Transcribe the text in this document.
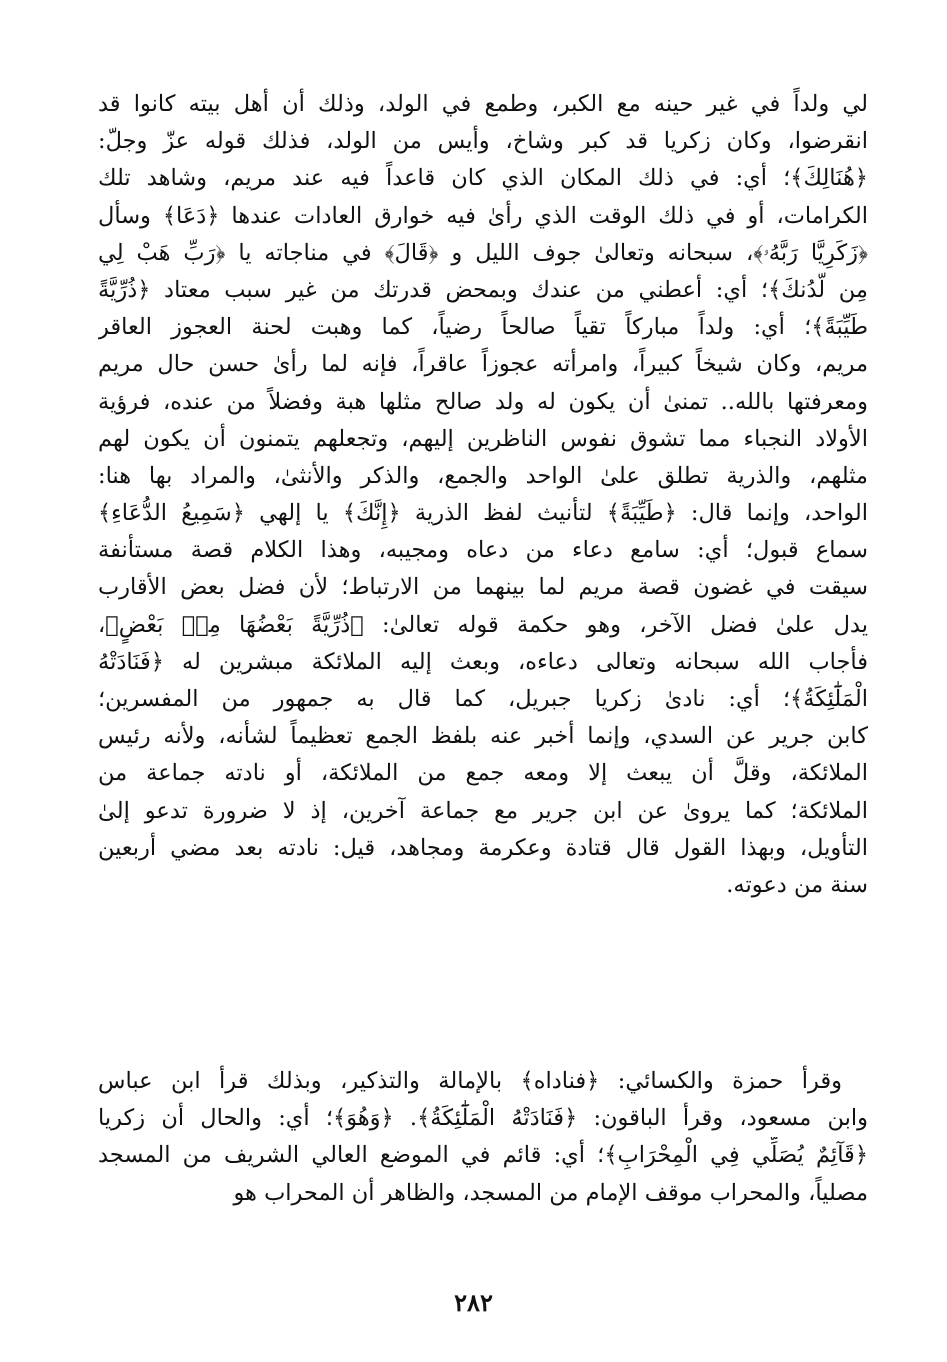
لي ولداً في غير حينه مع الكبر، وطمع في الولد، وذلك أن أهل بيته كانوا قد
انقرضوا، وكان زكريا قد كبر وشاخ، وأيس من الولد، فذلك قوله عزّ وجلّ:
﴿هُنَالِكَ﴾؛ أي: في ذلك المكان الذي كان قاعداً فيه عند مريم، وشاهد تلك
الكرامات، أو في ذلك الوقت الذي رأىٰ فيه خوارق العادات عندها ﴿دَعَا﴾ وسأل
﴿زَكَرِيَّا رَبَّهُۥ﴾، سبحانه وتعالىٰ جوف الليل و ﴿قَالَ﴾ في مناجاته يا ﴿رَبِّ هَبْ لِي
مِن لَّدُنكَ﴾؛ أي: أعطني من عندك وبمحض قدرتك من غير سبب معتاد ﴿ذُرِّيَّةً
طَيِّبَةً﴾؛ أي: ولداً مباركاً تقياً صالحاً رضياً، كما وهبت لحنة العجوز العاقر
مريم، وكان شيخاً كبيراً، وامرأته عجوزاً عاقراً، فإنه لما رأىٰ حسن حال مريم
ومعرفتها بالله.. تمنىٰ أن يكون له ولد صالح مثلها هبة وفضلاً من عنده، فرؤية
الأولاد النجباء مما تشوق نفوس الناظرين إليهم، وتجعلهم يتمنون أن يكون لهم
مثلهم، والذرية تطلق علىٰ الواحد والجمع، والذكر والأنثىٰ، والمراد بها هنا:
الواحد، وإنما قال: ﴿طَيِّبَةً﴾ لتأنيث لفظ الذرية ﴿إِنَّكَ﴾ يا إلهي ﴿سَمِيعُ الدُّعَاءِ﴾
سماع قبول؛ أي: سامع دعاء من دعاه ومجيبه، وهذا الكلام قصة مستأنفة
سيقت في غضون قصة مريم لما بينهما من الارتباط؛ لأن فضل بعض الأقارب
يدل علىٰ فضل الآخر، وهو حكمة قوله تعالىٰ: ﴿ذُرِّيَّةً بَعْضُهَا مِنۢ بَعْضٍ﴾،
فأجاب الله سبحانه وتعالى دعاءه، وبعث إليه الملائكة مبشرين له ﴿فَنَادَتْهُ
الْمَلَٰٓئِكَةُ﴾؛ أي: نادىٰ زكريا جبريل، كما قال به جمهور من المفسرين؛
كابن جرير عن السدي، وإنما أخبر عنه بلفظ الجمع تعظيماً لشأنه، ولأنه رئيس
الملائكة، وقلَّ أن يبعث إلا ومعه جمع من الملائكة، أو نادته جماعة من
الملائكة؛ كما يروىٰ عن ابن جرير مع جماعة آخرين، إذ لا ضرورة تدعو إلىٰ
التأويل، وبهذا القول قال قتادة وعكرمة ومجاهد، قيل: نادته بعد مضي أربعين
سنة من دعوته.
وقرأ حمزة والكسائي: ﴿فناداه﴾ بالإمالة والتذكير، وبذلك قرأ ابن عباس
وابن مسعود، وقرأ الباقون: ﴿فَنَادَتْهُ الْمَلَٰٓئِكَةُ﴾. ﴿وَهُوَ﴾؛ أي: والحال أن زكريا
﴿قَآئِمٌ يُصَلِّي فِي الْمِحْرَابِ﴾؛ أي: قائم في الموضع العالي الشريف من المسجد
مصلياً، والمحراب موقف الإمام من المسجد، والظاهر أن المحراب هو
٢٨٢
